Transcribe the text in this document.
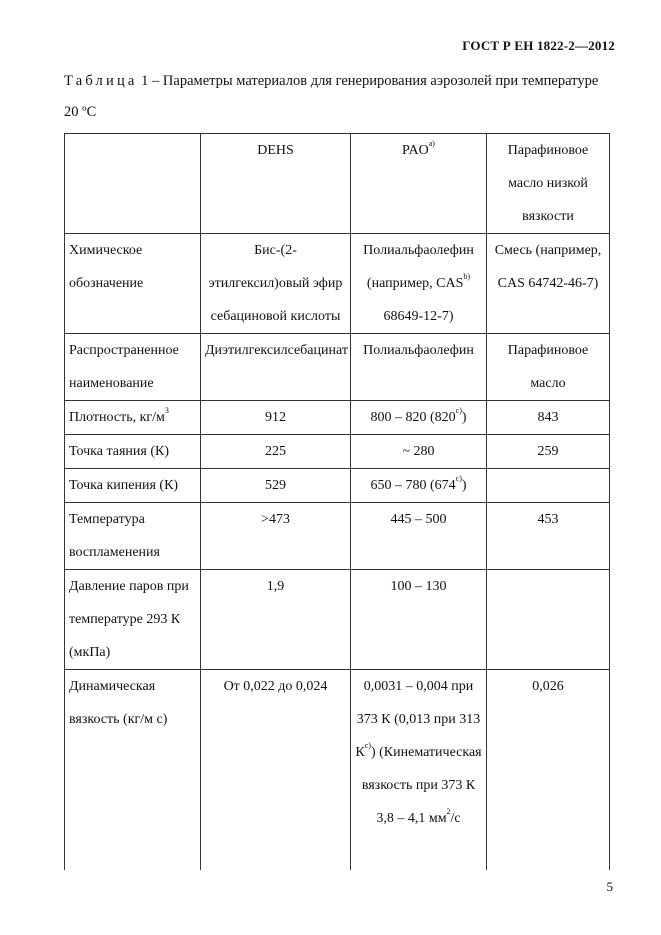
ГОСТ Р ЕН 1822-2—2012
Таблица 1 – Параметры материалов для генерирования аэрозолей при температуре 20 ºС
	DEHS	$PAO^{а)}$	Парафиновое масло низкой вязкости
Химическое обозначение	Бис-(2-этилгексил)овый эфир себациновой кислоты	Полиальфаолефин (например, CAS$^{b)}$ 68649-12-7)	Смесь (например, CAS 64742-46-7)
Распространенное наименование	Диэтилгексилсебацинат	Полиальфаолефин	Парафиновое масло
Плотность, $кг/м^3$	912	800 – 820 (820$^{c)}$)	843
Точка таяния (К)	225	~ 280	259
Точка кипения (К)	529	650 – 780 (674$^{c)}$)	
Температура воспламенения	>473	445 – 500	453
Давление паров при температуре 293 К (мкПа)	1,9	100 – 130	
Динамическая вязкость (кг/м с)	От 0,022 до 0,024	0,0031 – 0,004 при 373 К (0,013 при 313 $К^{c)}$) (Кинематическая вязкость при 373 К 3,8 – 4,1 $мм^2/с$	0,026
5
